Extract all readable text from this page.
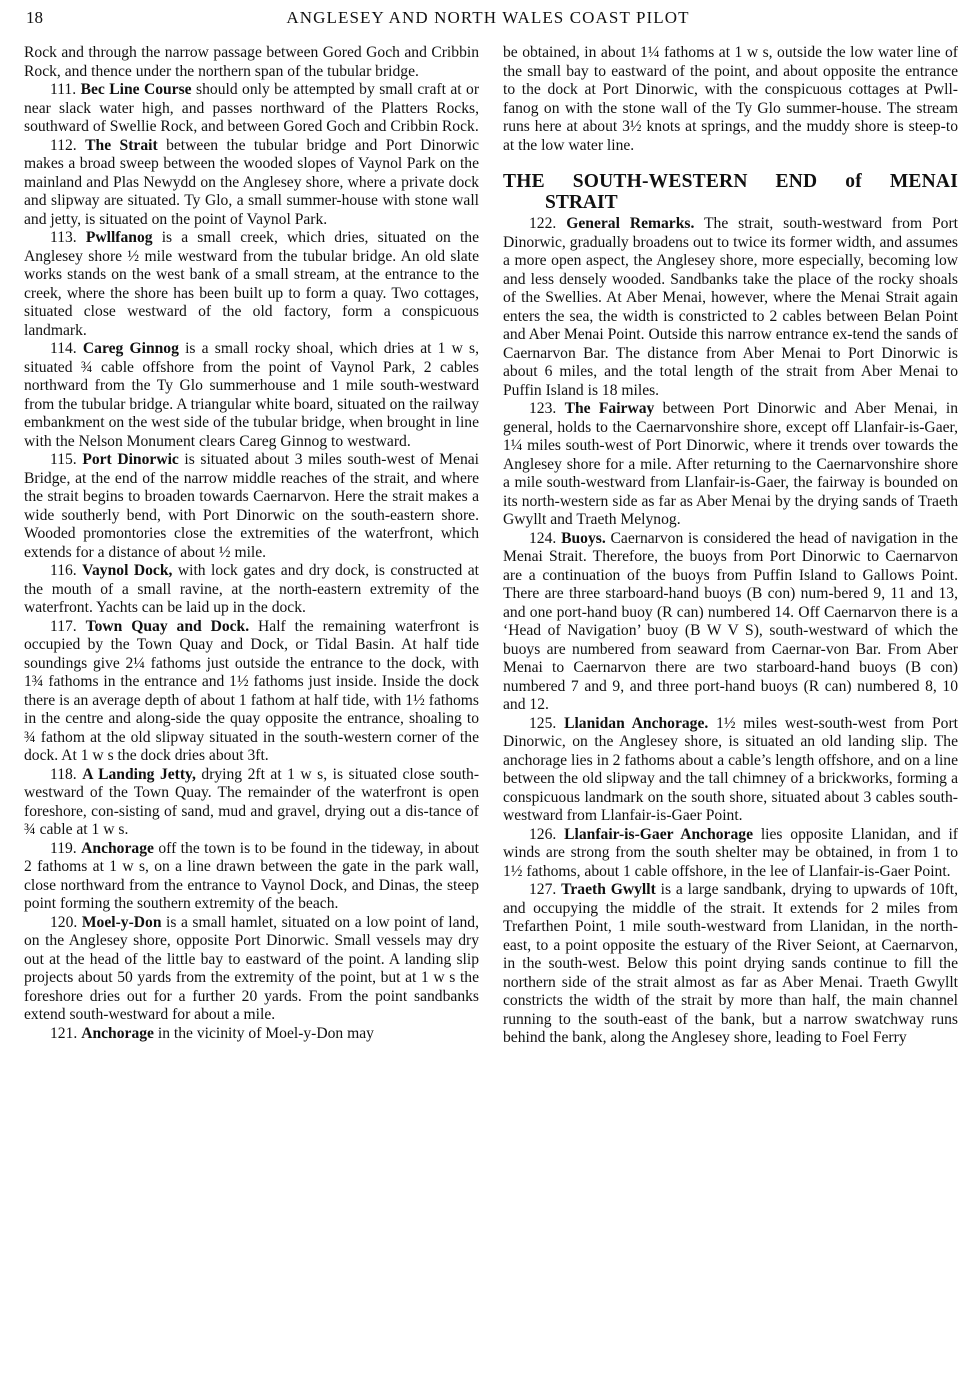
18	ANGLESEY AND NORTH WALES COAST PILOT

Rock and through the narrow passage between Gored Goch and Cribbin Rock, and thence under the northern span of the tubular bridge.

111. Bec Line Course should only be attempted by small craft at or near slack water high, and passes northward of the Platters Rocks, southward of Swellie Rock, and between Gored Goch and Cribbin Rock.

112. The Strait between the tubular bridge and Port Dinorwic makes a broad sweep between the wooded slopes of Vaynol Park on the mainland and Plas Newydd on the Anglesey shore, where a private dock and slipway are situated. Ty Glo, a small summer-house with stone wall and jetty, is situated on the point of Vaynol Park.

113. Pwllfanog is a small creek, which dries, situated on the Anglesey shore ½ mile westward from the tubular bridge. An old slate works stands on the west bank of a small stream, at the entrance to the creek, where the shore has been built up to form a quay. Two cottages, situated close westward of the old factory, form a conspicuous landmark.

114. Careg Ginnog is a small rocky shoal, which dries at 1 w s, situated ¾ cable offshore from the point of Vaynol Park, 2 cables northward from the Ty Glo summerhouse and 1 mile south-westward from the tubular bridge. A triangular white board, situated on the railway embankment on the west side of the tubular bridge, when brought in line with the Nelson Monument clears Careg Ginnog to westward.

115. Port Dinorwic is situated about 3 miles south-west of Menai Bridge, at the end of the narrow middle reaches of the strait, and where the strait begins to broaden towards Caernarvon. Here the strait makes a wide southerly bend, with Port Dinorwic on the south-eastern shore. Wooded promontories close the extremities of the waterfront, which extends for a distance of about ½ mile.

116. Vaynol Dock, with lock gates and dry dock, is constructed at the mouth of a small ravine, at the north-eastern extremity of the waterfront. Yachts can be laid up in the dock.

117. Town Quay and Dock. Half the remaining waterfront is occupied by the Town Quay and Dock, or Tidal Basin. At half tide soundings give 2¼ fathoms just outside the entrance to the dock, with 1¾ fathoms in the entrance and 1½ fathoms just inside. Inside the dock there is an average depth of about 1 fathom at half tide, with 1½ fathoms in the centre and along-side the quay opposite the entrance, shoaling to ¾ fathom at the old slipway situated in the south-western corner of the dock. At 1 w s the dock dries about 3ft.

118. A Landing Jetty, drying 2ft at 1 w s, is situated close south-westward of the Town Quay. The remainder of the waterfront is open foreshore, con-sisting of sand, mud and gravel, drying out a dis-tance of ¾ cable at 1 w s.

119. Anchorage off the town is to be found in the tideway, in about 2 fathoms at 1 w s, on a line drawn between the gate in the park wall, close northward from the entrance to Vaynol Dock, and Dinas, the steep point forming the southern extremity of the beach.

120. Moel-y-Don is a small hamlet, situated on a low point of land, on the Anglesey shore, opposite Port Dinorwic. Small vessels may dry out at the head of the little bay to eastward of the point. A landing slip projects about 50 yards from the extremity of the point, but at 1 w s the foreshore dries out for a further 20 yards. From the point sandbanks extend south-westward for about a mile.

121. Anchorage in the vicinity of Moel-y-Don may

be obtained, in about 1¼ fathoms at 1 w s, outside the low water line of the small bay to eastward of the point, and about opposite the entrance to the dock at Port Dinorwic, with the conspicuous cottages at Pwll-fanog on with the stone wall of the Ty Glo summer-house. The stream runs here at about 3½ knots at springs, and the muddy shore is steep-to at the low water line.

THE SOUTH-WESTERN END of MENAI
STRAIT

122. General Remarks. The strait, south-westward from Port Dinorwic, gradually broadens out to twice its former width, and assumes a more open aspect, the Anglesey shore, more especially, becoming low and less densely wooded. Sandbanks take the place of the rocky shoals of the Swellies. At Aber Menai, however, where the Menai Strait again enters the sea, the width is constricted to 2 cables between Belan Point and Aber Menai Point. Outside this narrow entrance ex-tend the sands of Caernarvon Bar. The distance from Aber Menai to Port Dinorwic is about 6 miles, and the total length of the strait from Aber Menai to Puffin Island is 18 miles.

123. The Fairway between Port Dinorwic and Aber Menai, in general, holds to the Caernarvonshire shore, except off Llanfair-is-Gaer, 1¼ miles south-west of Port Dinorwic, where it trends over towards the Anglesey shore for a mile. After returning to the Caernarvonshire shore a mile south-westward from Llanfair-is-Gaer, the fairway is bounded on its north-western side as far as Aber Menai by the drying sands of Traeth Gwyllt and Traeth Melynog.

124. Buoys. Caernarvon is considered the head of navigation in the Menai Strait. Therefore, the buoys from Port Dinorwic to Caernarvon are a continuation of the buoys from Puffin Island to Gallows Point. There are three starboard-hand buoys (B con) num-bered 9, 11 and 13, and one port-hand buoy (R can) numbered 14. Off Caernarvon there is a ‘Head of Navigation’ buoy (B W V S), south-westward of which the buoys are numbered from seaward from Caernar-von Bar. From Aber Menai to Caernarvon there are two starboard-hand buoys (B con) numbered 7 and 9, and three port-hand buoys (R can) numbered 8, 10 and 12.

125. Llanidan Anchorage. 1½ miles west-south-west from Port Dinorwic, on the Anglesey shore, is situated an old landing slip. The anchorage lies in 2 fathoms about a cable’s length offshore, and on a line between the old slipway and the tall chimney of a brickworks, forming a conspicuous landmark on the south shore, situated about 3 cables south-westward from Llanfair-is-Gaer Point.

126. Llanfair-is-Gaer Anchorage lies opposite Llanidan, and if winds are strong from the south shelter may be obtained, in from 1 to 1½ fathoms, about 1 cable offshore, in the lee of Llanfair-is-Gaer Point.

127. Traeth Gwyllt is a large sandbank, drying to upwards of 10ft, and occupying the middle of the strait. It extends for 2 miles from Trefarthen Point, 1 mile south-westward from Llanidan, in the north-east, to a point opposite the estuary of the River Seiont, at Caernarvon, in the south-west. Below this point drying sands continue to fill the northern side of the strait almost as far as Aber Menai. Traeth Gwyllt constricts the width of the strait by more than half, the main channel running to the south-east of the bank, but a narrow swatchway runs behind the bank, along the Anglesey shore, leading to Foel Ferry
